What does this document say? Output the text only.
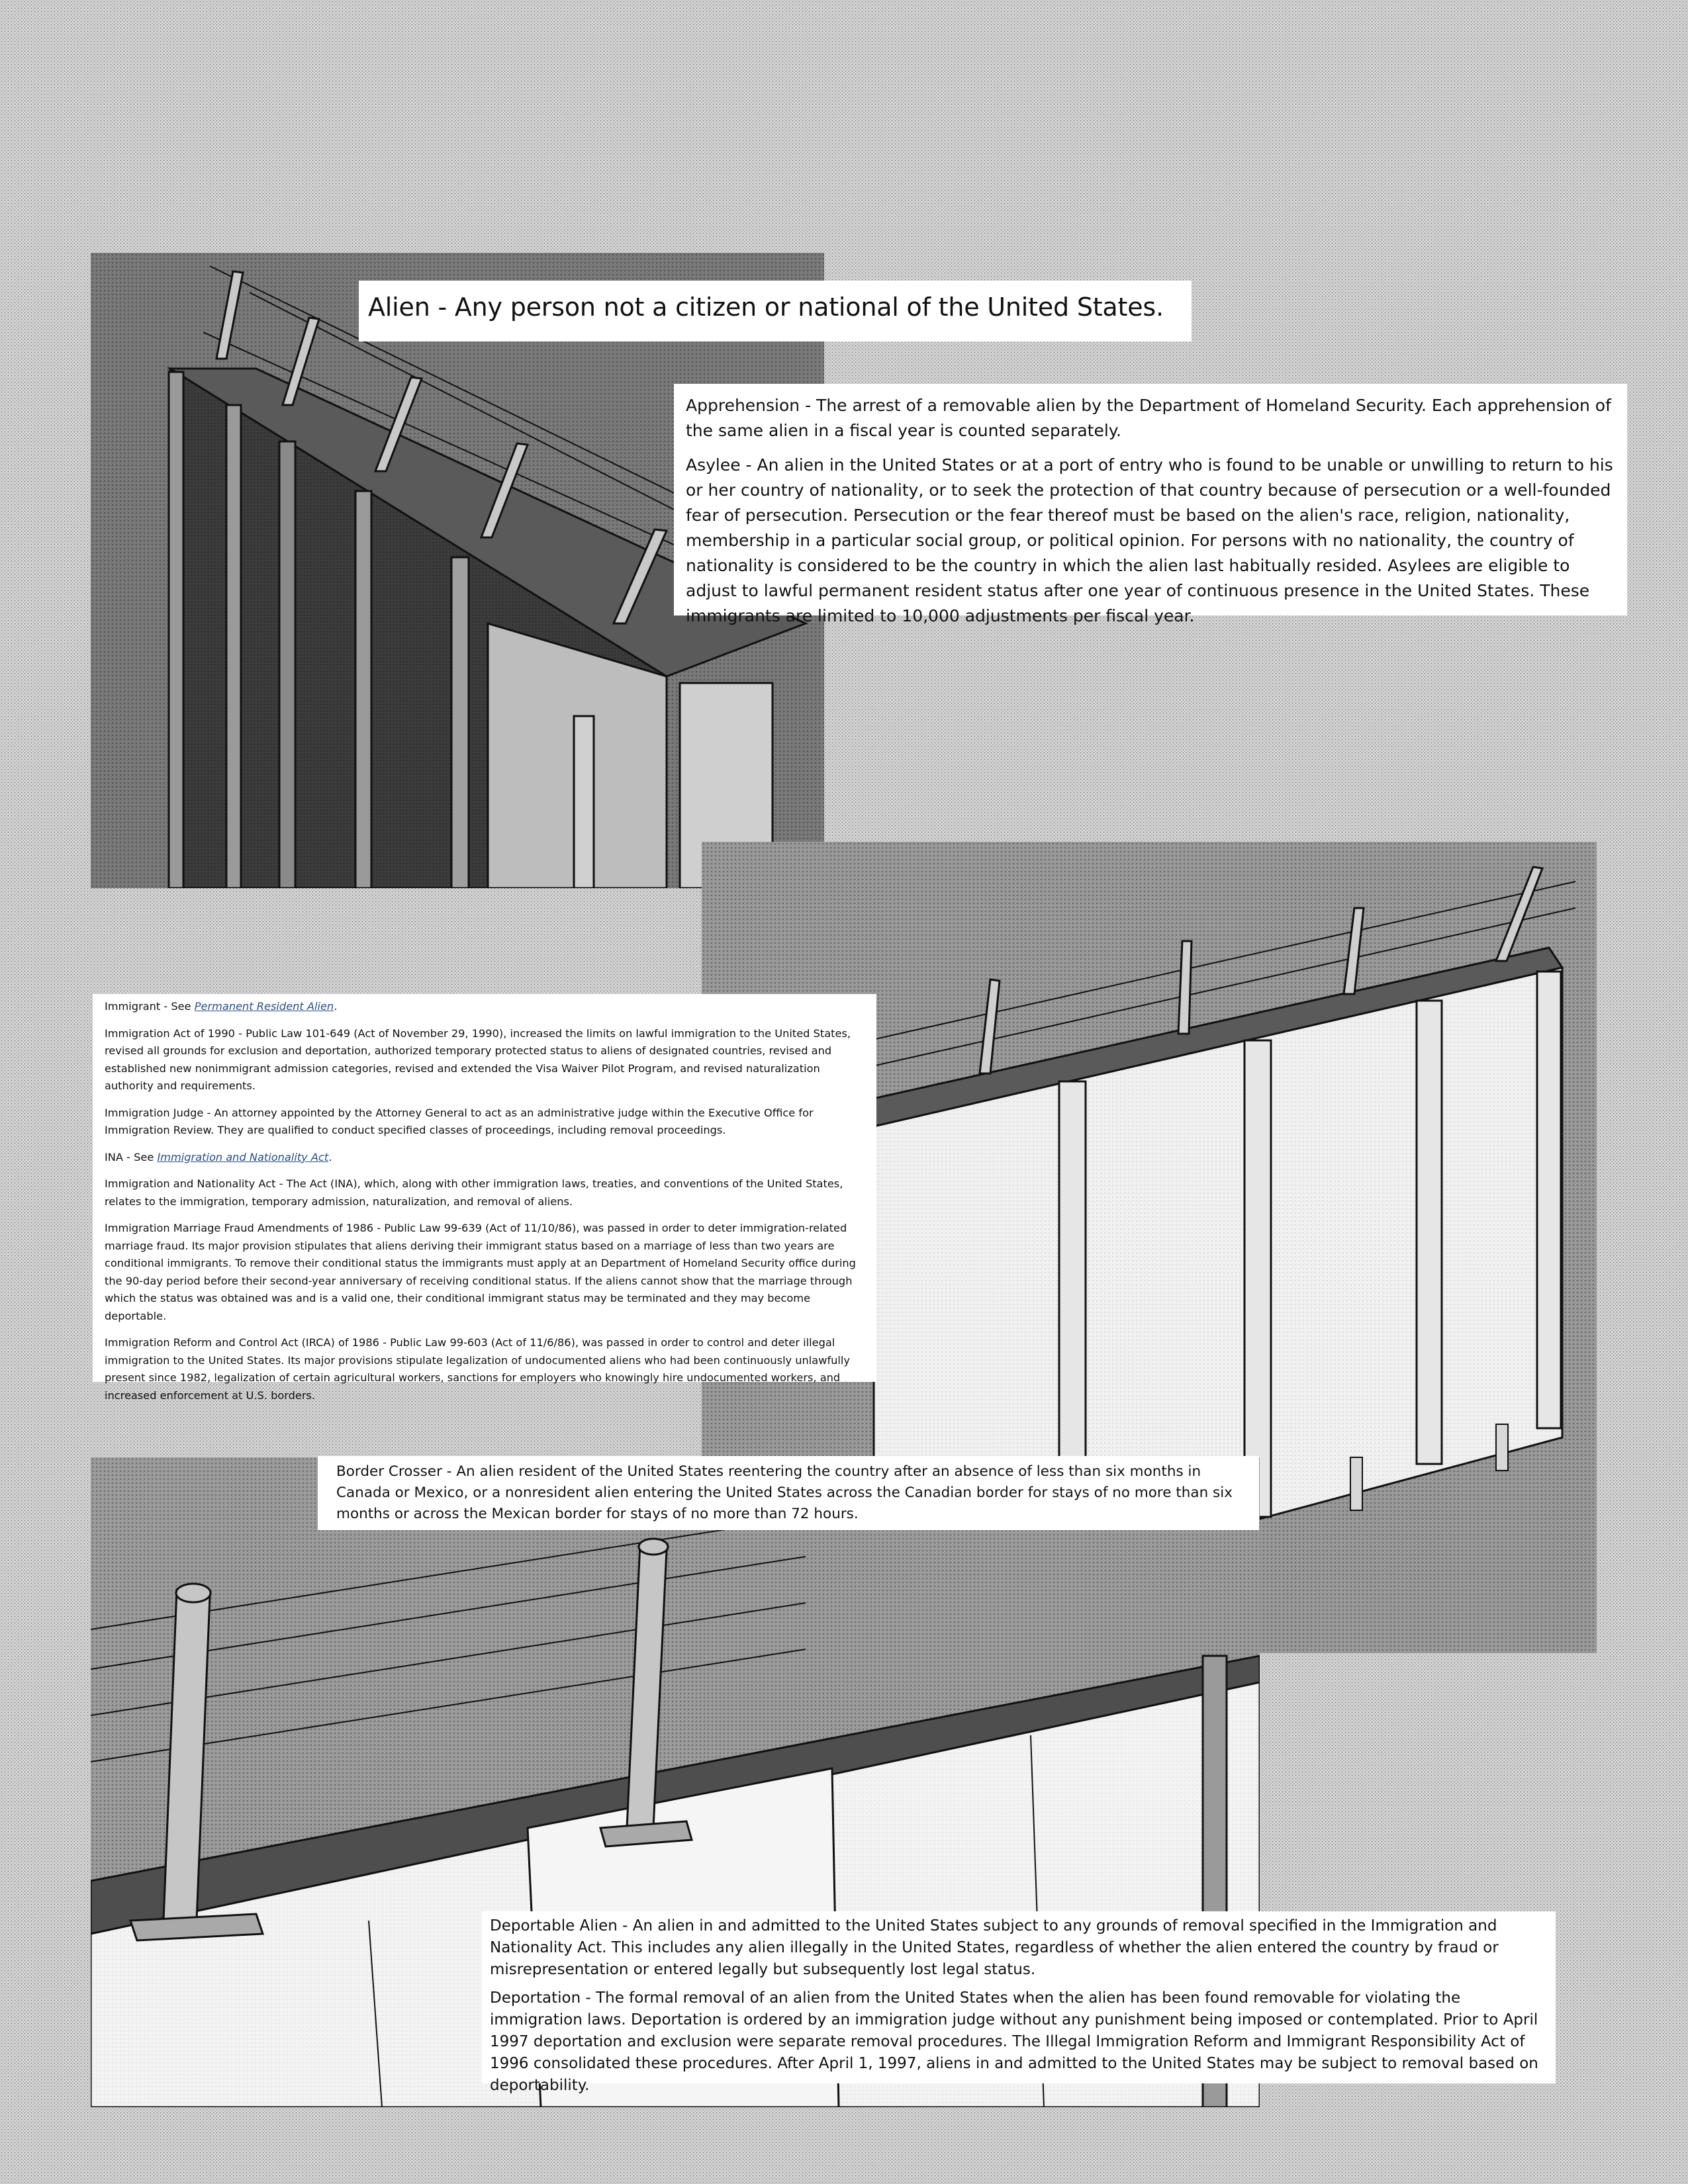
Alien - Any person not a citizen or national of the United States.

Apprehension - The arrest of a removable alien by the Department of Homeland Security. Each apprehension of the same alien in a fiscal year is counted separately.

Asylee - An alien in the United States or at a port of entry who is found to be unable or unwilling to return to his or her country of nationality, or to seek the protection of that country because of persecution or a well-founded fear of persecution. Persecution or the fear thereof must be based on the alien's race, religion, nationality, membership in a particular social group, or political opinion. For persons with no nationality, the country of nationality is considered to be the country in which the alien last habitually resided. Asylees are eligible to adjust to lawful permanent resident status after one year of continuous presence in the United States. These immigrants are limited to 10,000 adjustments per fiscal year.

Immigrant - See Permanent Resident Alien.

Immigration Act of 1990 - Public Law 101-649 (Act of November 29, 1990), increased the limits on lawful immigration to the United States, revised all grounds for exclusion and deportation, authorized temporary protected status to aliens of designated countries, revised and established new nonimmigrant admission categories, revised and extended the Visa Waiver Pilot Program, and revised naturalization authority and requirements.

Immigration Judge - An attorney appointed by the Attorney General to act as an administrative judge within the Executive Office for Immigration Review. They are qualified to conduct specified classes of proceedings, including removal proceedings.

INA - See Immigration and Nationality Act.

Immigration and Nationality Act - The Act (INA), which, along with other immigration laws, treaties, and conventions of the United States, relates to the immigration, temporary admission, naturalization, and removal of aliens.

Immigration Marriage Fraud Amendments of 1986 - Public Law 99-639 (Act of 11/10/86), was passed in order to deter immigration-related marriage fraud. Its major provision stipulates that aliens deriving their immigrant status based on a marriage of less than two years are conditional immigrants. To remove their conditional status the immigrants must apply at an Department of Homeland Security office during the 90-day period before their second-year anniversary of receiving conditional status. If the aliens cannot show that the marriage through which the status was obtained was and is a valid one, their conditional immigrant status may be terminated and they may become deportable.

Immigration Reform and Control Act (IRCA) of 1986 - Public Law 99-603 (Act of 11/6/86), was passed in order to control and deter illegal immigration to the United States. Its major provisions stipulate legalization of undocumented aliens who had been continuously unlawfully present since 1982, legalization of certain agricultural workers, sanctions for employers who knowingly hire undocumented workers, and increased enforcement at U.S. borders.

Border Crosser - An alien resident of the United States reentering the country after an absence of less than six months in Canada or Mexico, or a nonresident alien entering the United States across the Canadian border for stays of no more than six months or across the Mexican border for stays of no more than 72 hours.

Deportable Alien - An alien in and admitted to the United States subject to any grounds of removal specified in the Immigration and Nationality Act. This includes any alien illegally in the United States, regardless of whether the alien entered the country by fraud or misrepresentation or entered legally but subsequently lost legal status.

Deportation - The formal removal of an alien from the United States when the alien has been found removable for violating the immigration laws. Deportation is ordered by an immigration judge without any punishment being imposed or contemplated. Prior to April 1997 deportation and exclusion were separate removal procedures. The Illegal Immigration Reform and Immigrant Responsibility Act of 1996 consolidated these procedures. After April 1, 1997, aliens in and admitted to the United States may be subject to removal based on deportability.
